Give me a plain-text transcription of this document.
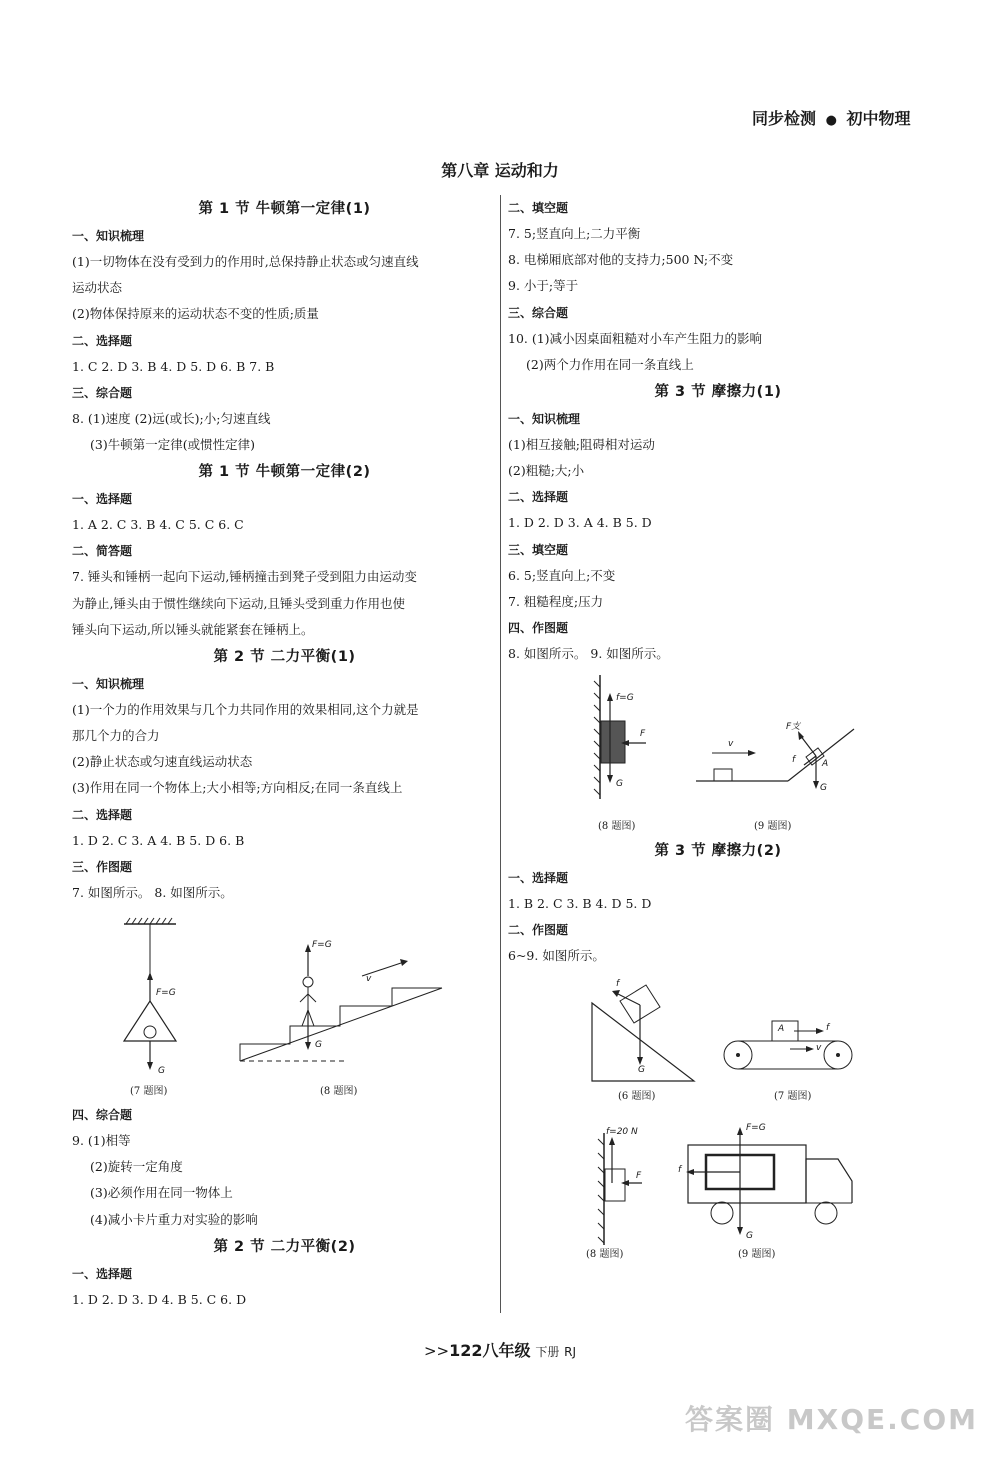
同步检测 ● 初中物理
第八章 运动和力
第 1 节 牛顿第一定律(1)
一、知识梳理
(1)一切物体在没有受到力的作用时,总保持静止状态或匀速直线
运动状态
(2)物体保持原来的运动状态不变的性质;质量
二、选择题
1. C 2. D 3. B 4. D 5. D 6. B 7. B
三、综合题
8. (1)速度 (2)远(或长);小;匀速直线
(3)牛顿第一定律(或惯性定律)
第 1 节 牛顿第一定律(2)
一、选择题
1. A 2. C 3. B 4. C 5. C 6. C
二、简答题
7. 锤头和锤柄一起向下运动,锤柄撞击到凳子受到阻力由运动变
为静止,锤头由于惯性继续向下运动,且锤头受到重力作用也使
锤头向下运动,所以锤头就能紧套在锤柄上。
第 2 节 二力平衡(1)
一、知识梳理
(1)一个力的作用效果与几个力共同作用的效果相同,这个力就是
那几个力的合力
(2)静止状态或匀速直线运动状态
(3)作用在同一个物体上;大小相等;方向相反;在同一条直线上
二、选择题
1. D 2. C 3. A 4. B 5. D 6. B
三、作图题
7. 如图所示。 8. 如图所示。
F=G
G
F=G
G
v
(7 题图)	(8 题图)
四、综合题
9. (1)相等
(2)旋转一定角度
(3)必须作用在同一物体上
(4)减小卡片重力对实验的影响
第 2 节 二力平衡(2)
一、选择题
1. D 2. D 3. D 4. B 5. C 6. D
二、填空题
7. 5;竖直向上;二力平衡
8. 电梯厢底部对他的支持力;500 N;不变
9. 小于;等于
三、综合题
10. (1)减小因桌面粗糙对小车产生阻力的影响
(2)两个力作用在同一条直线上
第 3 节 摩擦力(1)
一、知识梳理
(1)相互接触;阻碍相对运动
(2)粗糙;大;小
二、选择题
1. D 2. D 3. A 4. B 5. D
三、填空题
6. 5;竖直向上;不变
7. 粗糙程度;压力
四、作图题
8. 如图所示。 9. 如图所示。
f=G
F
G
F支
f	A
G
v
(8 题图)	(9 题图)
第 3 节 摩擦力(2)
一、选择题
1. B 2. C 3. B 4. D 5. D
二、作图题
6~9. 如图所示。
f
G
(6 题图)
A	f
v
(7 题图)
f=20 N
F
(8 题图)
F=G
f
G
(9 题图)
>>122八年级 下册 RJ
答案圈 MXQE.COM
